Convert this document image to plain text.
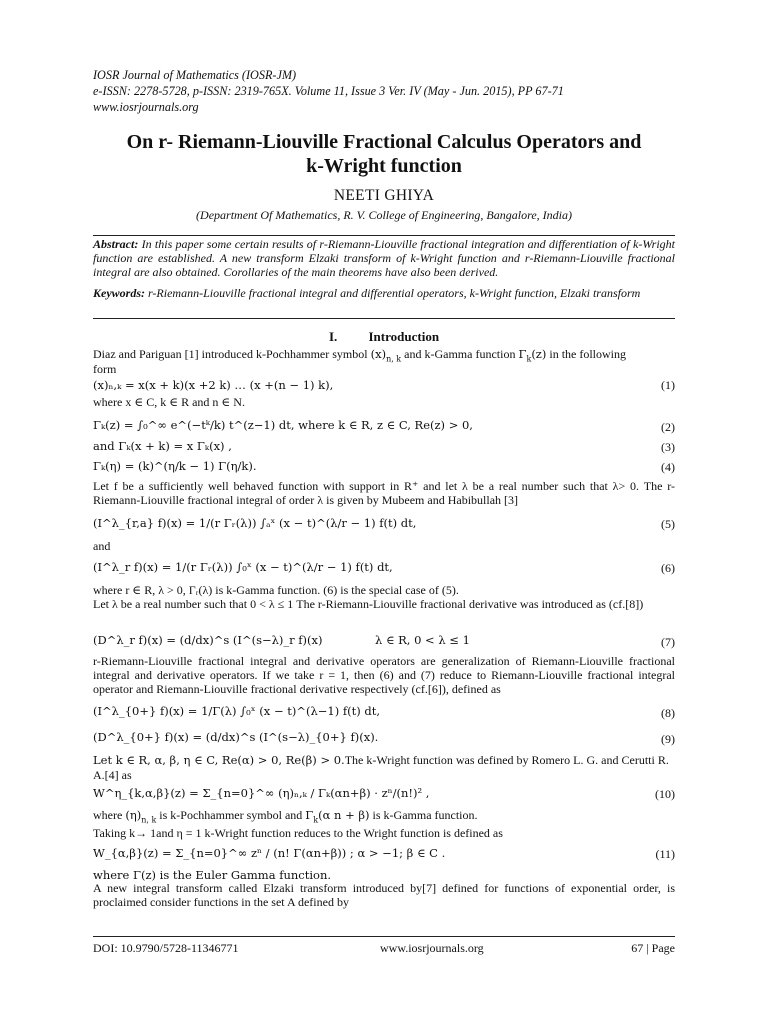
IOSR Journal of Mathematics (IOSR-JM)
e-ISSN: 2278-5728, p-ISSN: 2319-765X. Volume 11, Issue 3 Ver. IV (May - Jun. 2015), PP 67-71
www.iosrjournals.org
On r- Riemann-Liouville Fractional Calculus Operators and
k-Wright function
NEETI GHIYA
(Department Of Mathematics, R. V. College of Engineering, Bangalore, India)
Abstract: In this paper some certain results of r-Riemann-Liouville fractional integration and differentiation of k-Wright function are established. A new transform Elzaki transform of k-Wright function and r-Riemann-Liouville fractional integral are also obtained. Corollaries of the main theorems have also been derived.
Keywords: r-Riemann-Liouville fractional integral and differential operators, k-Wright function, Elzaki transform
I. Introduction
Diaz and Pariguan [1] introduced k-Pochhammer symbol $(x)_{n, k}$ and k-Gamma function $\Gamma_k(z)$ in the following
form
(x)ₙ,ₖ = x(x + k)(x +2 k) … (x +(n − 1) k),	(1)
where x ∈ C, k ∈ R and n ∈ N.
Γₖ(z) = ∫₀^∞ e^(−tᵏ/k) t^(z−1) dt, where k ∈ R, z ∈ C, Re(z) > 0,	(2)
and Γₖ(x + k) = x Γₖ(x) ,	(3)
Γₖ(η) = (k)^(η/k − 1) Γ(η/k).	(4)
Let f be a sufficiently well behaved function with support in R⁺ and let λ be a real number such that λ> 0. The r- Riemann-Liouville fractional integral of order λ is given by Mubeem and Habibullah [3]
(I^λ_{r,a} f)(x) = 1/(r Γᵣ(λ)) ∫ₐˣ (x − t)^(λ/r − 1) f(t) dt,	(5)
and
(I^λ_r f)(x) = 1/(r Γᵣ(λ)) ∫₀ˣ (x − t)^(λ/r − 1) f(t) dt,	(6)
where r ∈ R, λ > 0, Γᵣ(λ) is k-Gamma function. (6) is the special case of (5).
Let λ be a real number such that 0 < λ ≤ 1 The r-Riemann-Liouville fractional derivative was introduced as (cf.[8])
(D^λ_r f)(x) = (d/dx)^s (I^(s−λ)_r f)(x)	λ ∈ R, 0 < λ ≤ 1	(7)
r-Riemann-Liouville fractional integral and derivative operators are generalization of Riemann-Liouville fractional integral and derivative operators. If we take r = 1, then (6) and (7) reduce to Riemann-Liouville fractional integral operator and Riemann-Liouville fractional derivative respectively (cf.[6]), defined as
(I^λ_{0+} f)(x) = 1/Γ(λ) ∫₀ˣ (x − t)^(λ−1) f(t) dt,	(8)
(D^λ_{0+} f)(x) = (d/dx)^s (I^(s−λ)_{0+} f)(x).	(9)
Let k ∈ R, α, β, η ∈ C, Re(α) > 0, Re(β) > 0.The k-Wright function was defined by Romero L. G. and Cerutti R.
A.[4] as
W^η_{k,α,β}(z) = Σ_{n=0}^∞ (η)ₙ,ₖ / Γₖ(αn+β) · zⁿ/(n!)² ,	(10)
where $(\eta)_{n, k}$ is k-Pochhammer symbol and $\Gamma_k(\alpha$ n + β) is k-Gamma function.
Taking k→ 1and η = 1 k-Wright function reduces to the Wright function is defined as
W_{α,β}(z) = Σ_{n=0}^∞ zⁿ / (n! Γ(αn+β)) ; α > −1; β ∈ C .	(11)
where Γ(z) is the Euler Gamma function.
A new integral transform called Elzaki transform introduced by[7] defined for functions of exponential order, is proclaimed consider functions in the set A defined by
DOI: 10.9790/5728-11346771	www.iosrjournals.org	67 | Page
